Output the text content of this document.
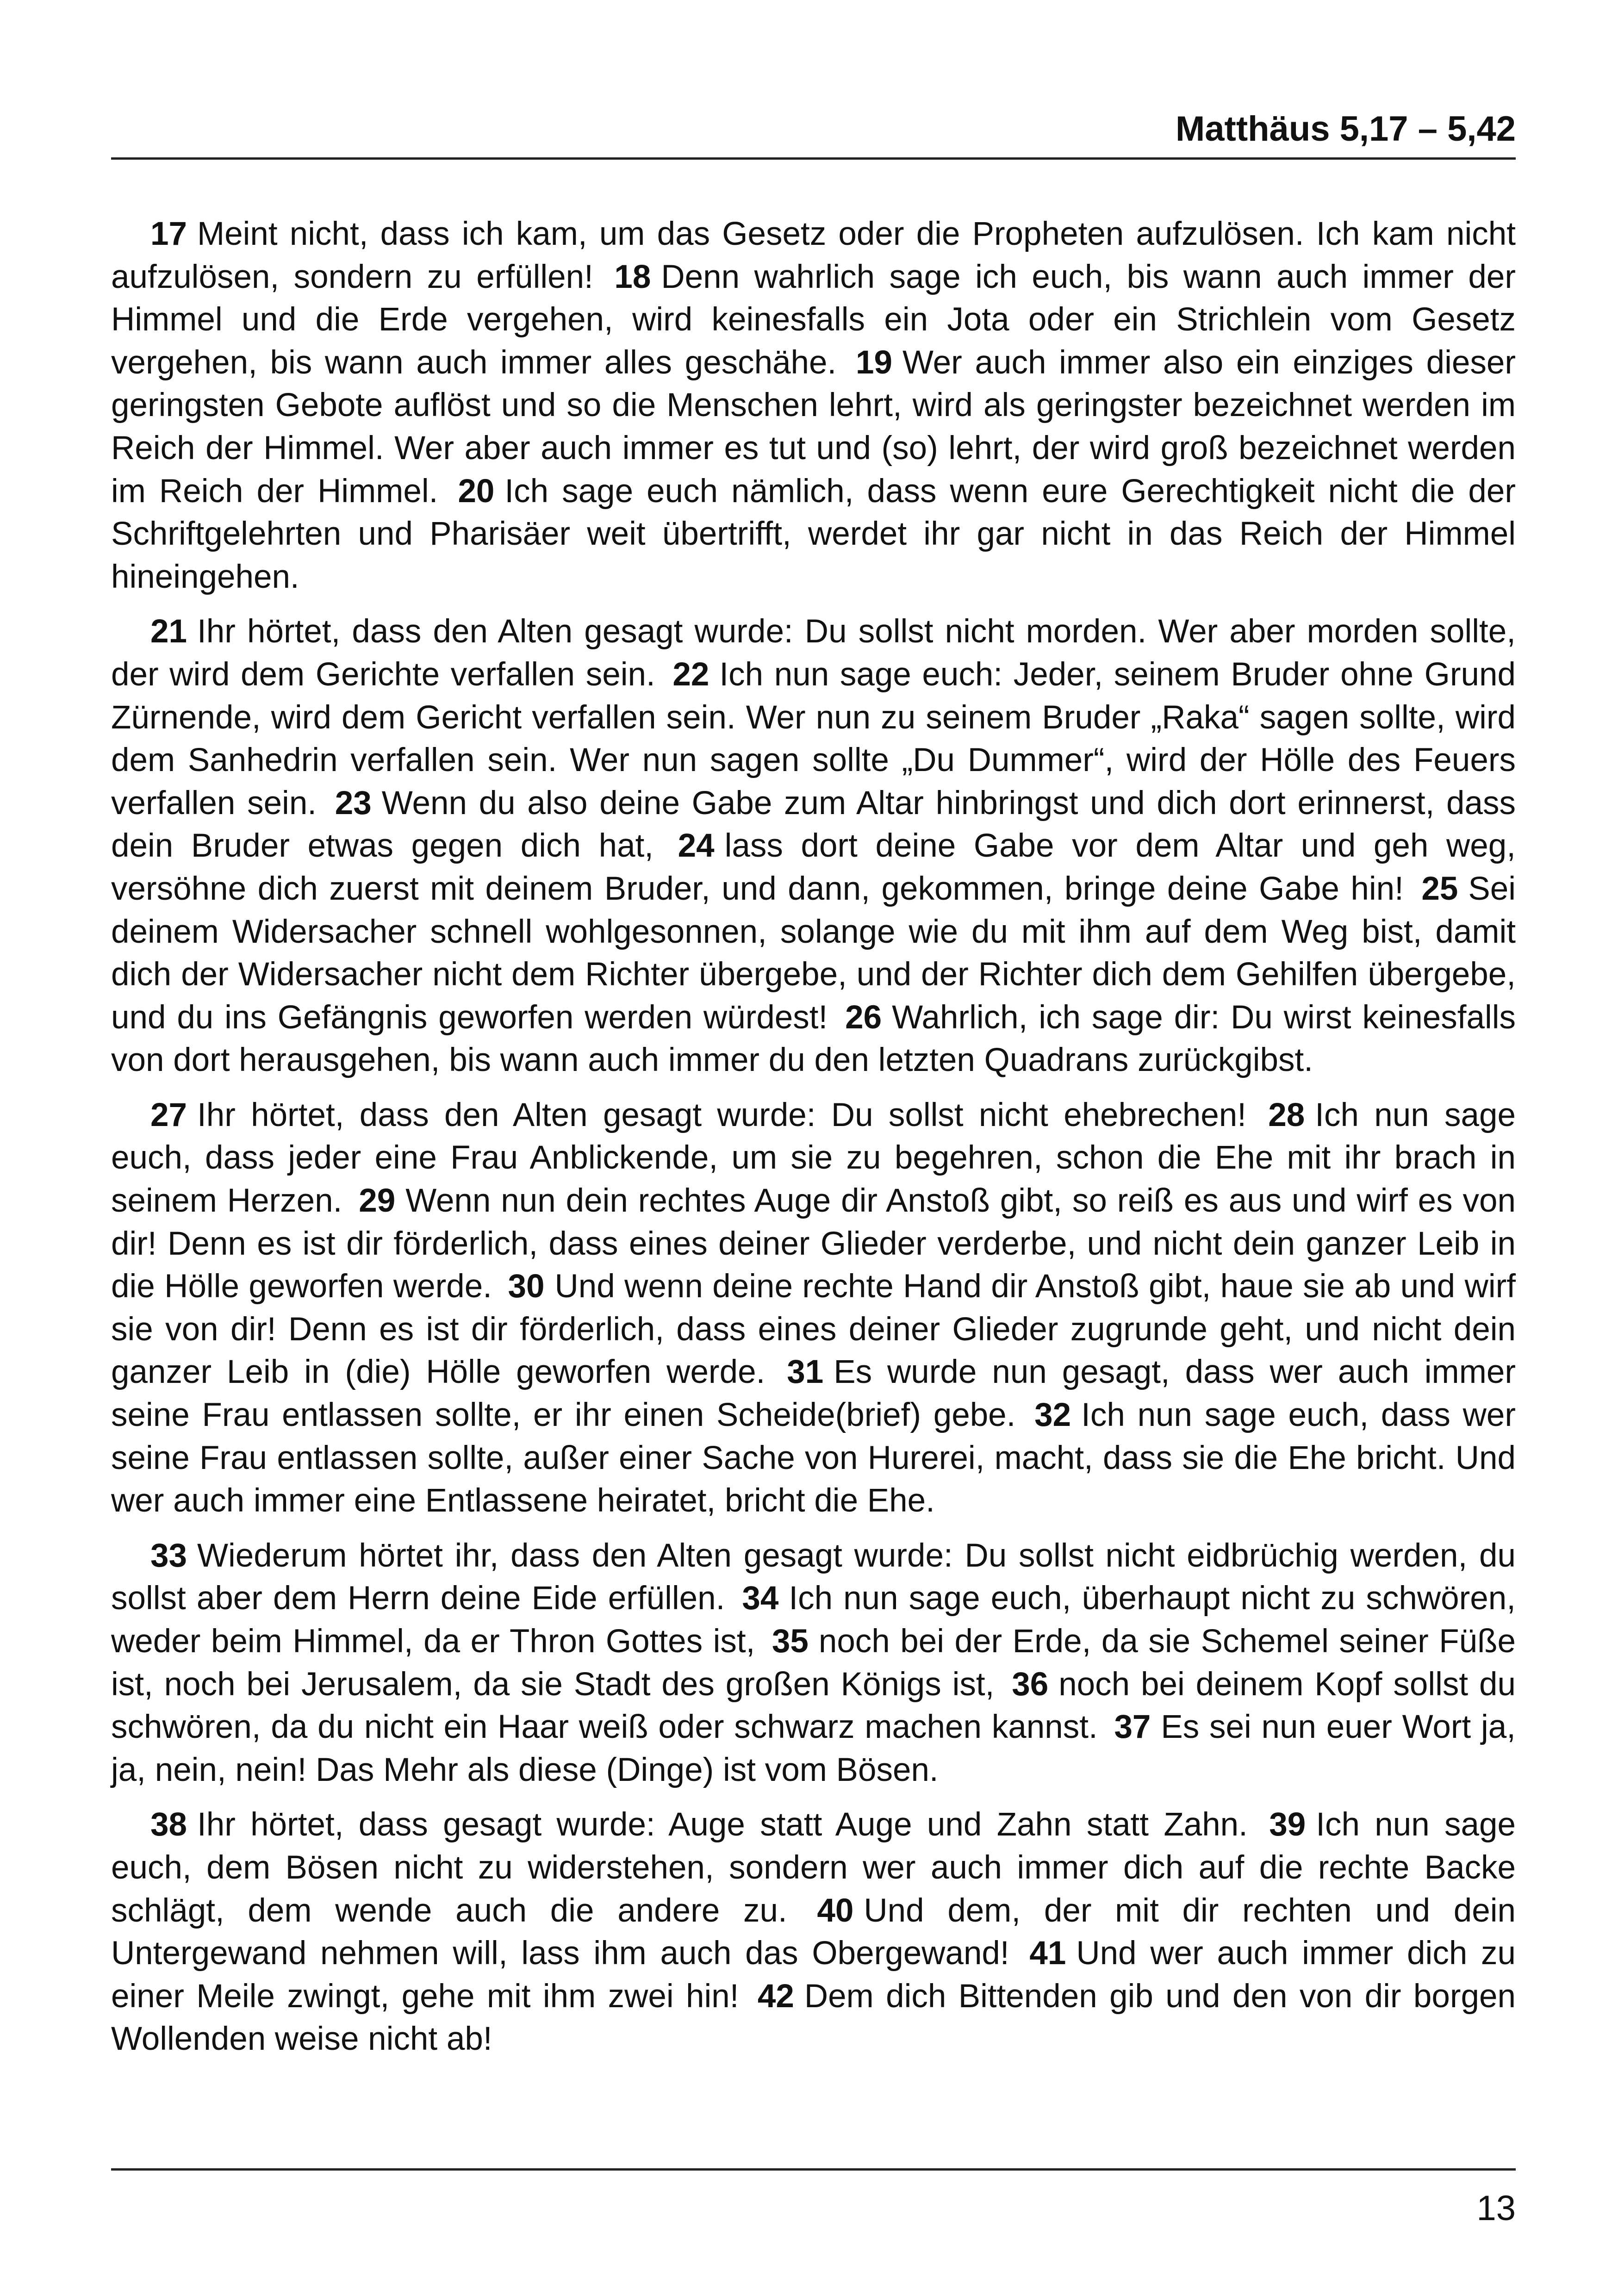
Matthäus 5,17 – 5,42

17 Meint nicht, dass ich kam, um das Gesetz oder die Propheten aufzulösen. Ich kam nicht aufzulösen, sondern zu erfüllen! 18 Denn wahrlich sage ich euch, bis wann auch immer der Himmel und die Erde vergehen, wird keinesfalls ein Jota oder ein Strichlein vom Gesetz vergehen, bis wann auch immer alles geschähe. 19 Wer auch immer also ein einziges dieser geringsten Gebote auflöst und so die Menschen lehrt, wird als geringster bezeichnet werden im Reich der Himmel. Wer aber auch immer es tut und (so) lehrt, der wird groß bezeichnet werden im Reich der Himmel. 20 Ich sage euch nämlich, dass wenn eure Gerechtigkeit nicht die der Schriftgelehrten und Pharisäer weit übertrifft, werdet ihr gar nicht in das Reich der Himmel hineingehen.

21 Ihr hörtet, dass den Alten gesagt wurde: Du sollst nicht morden. Wer aber morden sollte, der wird dem Gerichte verfallen sein. 22 Ich nun sage euch: Jeder, seinem Bruder ohne Grund Zürnende, wird dem Gericht verfallen sein. Wer nun zu seinem Bruder „Raka“ sagen sollte, wird dem Sanhedrin verfallen sein. Wer nun sagen sollte „Du Dummer“, wird der Hölle des Feuers verfallen sein. 23 Wenn du also deine Gabe zum Altar hinbringst und dich dort erinnerst, dass dein Bruder etwas gegen dich hat, 24 lass dort deine Gabe vor dem Altar und geh weg, versöhne dich zuerst mit deinem Bruder, und dann, gekommen, bringe deine Gabe hin! 25 Sei deinem Widersacher schnell wohlgesonnen, solange wie du mit ihm auf dem Weg bist, damit dich der Widersacher nicht dem Richter übergebe, und der Richter dich dem Gehilfen übergebe, und du ins Gefängnis geworfen werden würdest! 26 Wahrlich, ich sage dir: Du wirst keinesfalls von dort herausgehen, bis wann auch immer du den letzten Quadrans zurückgibst.

27 Ihr hörtet, dass den Alten gesagt wurde: Du sollst nicht ehebrechen! 28 Ich nun sage euch, dass jeder eine Frau Anblickende, um sie zu begehren, schon die Ehe mit ihr brach in seinem Herzen. 29 Wenn nun dein rechtes Auge dir Anstoß gibt, so reiß es aus und wirf es von dir! Denn es ist dir förderlich, dass eines deiner Glieder verderbe, und nicht dein ganzer Leib in die Hölle geworfen werde. 30 Und wenn deine rechte Hand dir Anstoß gibt, haue sie ab und wirf sie von dir! Denn es ist dir förderlich, dass eines deiner Glieder zugrunde geht, und nicht dein ganzer Leib in (die) Hölle geworfen werde. 31 Es wurde nun gesagt, dass wer auch immer seine Frau entlassen sollte, er ihr einen Scheide(brief) gebe. 32 Ich nun sage euch, dass wer seine Frau entlassen sollte, außer einer Sache von Hurerei, macht, dass sie die Ehe bricht. Und wer auch immer eine Entlassene heiratet, bricht die Ehe.

33 Wiederum hörtet ihr, dass den Alten gesagt wurde: Du sollst nicht eidbrüchig werden, du sollst aber dem Herrn deine Eide erfüllen. 34 Ich nun sage euch, überhaupt nicht zu schwören, weder beim Himmel, da er Thron Gottes ist, 35 noch bei der Erde, da sie Schemel seiner Füße ist, noch bei Jerusalem, da sie Stadt des großen Königs ist, 36 noch bei deinem Kopf sollst du schwören, da du nicht ein Haar weiß oder schwarz machen kannst. 37 Es sei nun euer Wort ja, ja, nein, nein! Das Mehr als diese (Dinge) ist vom Bösen.

38 Ihr hörtet, dass gesagt wurde: Auge statt Auge und Zahn statt Zahn. 39 Ich nun sage euch, dem Bösen nicht zu widerstehen, sondern wer auch immer dich auf die rechte Backe schlägt, dem wende auch die andere zu. 40 Und dem, der mit dir rechten und dein Untergewand nehmen will, lass ihm auch das Obergewand! 41 Und wer auch immer dich zu einer Meile zwingt, gehe mit ihm zwei hin! 42 Dem dich Bittenden gib und den von dir borgen Wollenden weise nicht ab!

13
